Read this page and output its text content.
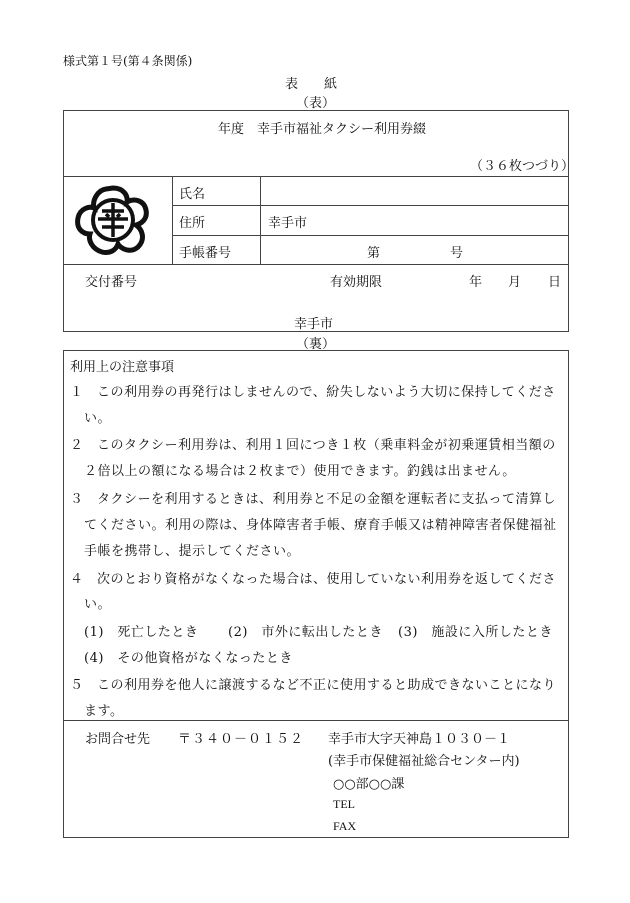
様式第１号(第４条関係)
表　　紙
（表）
年度　幸手市福祉タクシー利用券綴
（３６枚つづり）
氏名
住所	幸手市
手帳番号	第	号
交付番号	有効期限	年 月 日
幸手市
（裏）
利用上の注意事項
１　この利用券の再発行はしませんので、紛失しないよう大切に保持してくださ
い。
２　このタクシー利用券は、利用１回につき１枚（乗車料金が初乗運賃相当額の
２倍以上の額になる場合は２枚まで）使用できます。釣銭は出ません。
３　タクシーを利用するときは、利用券と不足の金額を運転者に支払って清算し
てください。利用の際は、身体障害者手帳、療育手帳又は精神障害者保健福祉
手帳を携帯し、提示してください。
４　次のとおり資格がなくなった場合は、使用していない利用券を返してくださ
い。
(1)　死亡したとき (2)　市外に転出したとき (3)　施設に入所したとき
(4)　その他資格がなくなったとき
５　この利用券を他人に譲渡するなど不正に使用すると助成できないことになり
ます。
お問合せ先 〒３４０－０１５２ 幸手市大字天神島１０３０－１
(幸手市保健福祉総合センター内)
○○部○○課
TEL
FAX
